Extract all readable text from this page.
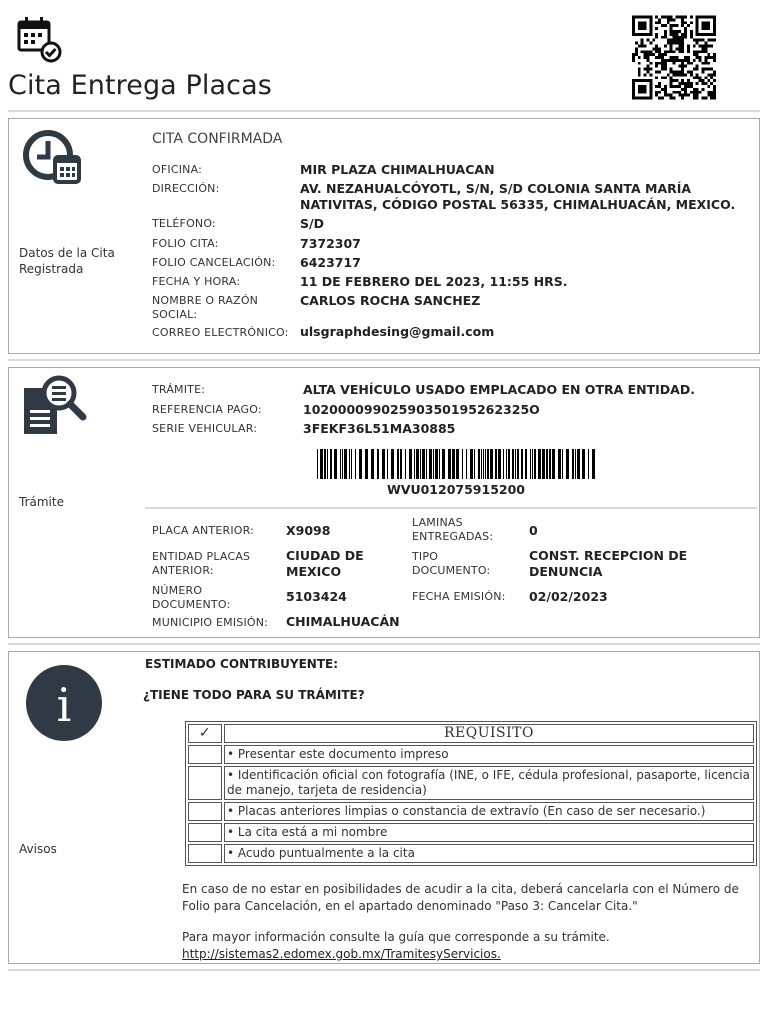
Cita Entrega Placas
Datos de la Cita Registrada
CITA CONFIRMADA
OFICINA:	MIR PLAZA CHIMALHUACAN
DIRECCIÓN:	AV. NEZAHUALCÓYOTL, S/N, S/D COLONIA SANTA MARÍA NATIVITAS, CÓDIGO POSTAL 56335, CHIMALHUACÁN, MEXICO.
TELÉFONO:	S/D
FOLIO CITA:	7372307
FOLIO CANCELACIÓN: 6423717
FECHA Y HORA:	11 DE FEBRERO DEL 2023, 11:55 HRS.
NOMBRE O RAZÓN SOCIAL:
CARLOS ROCHA SANCHEZ
CORREO ELECTRÓNICO: ulsgraphdesing@gmail.com
Trámite
TRÁMITE:	ALTA VEHÍCULO USADO EMPLACADO EN OTRA ENTIDAD.
REFERENCIA PAGO:	10200009902590350195262325O
SERIE VEHICULAR:	3FEKF36L51MA30885
WVU012075915200
PLACA ANTERIOR:	X9098
LAMINAS ENTREGADAS:	0
ENTIDAD PLACAS ANTERIOR:
CIUDAD DE MEXICO
TIPO DOCUMENTO:
CONST. RECEPCION DE DENUNCIA
NÚMERO DOCUMENTO:
5103424	FECHA EMISIÓN: 02/02/2023
MUNICIPIO EMISIÓN: CHIMALHUACÁN
i
Avisos
ESTIMADO CONTRIBUYENTE:
¿TIENE TODO PARA SU TRÁMITE?
✓	REQUISITO
	• Presentar este documento impreso
	• Identificación oficial con fotografía (INE, o IFE, cédula profesional, pasaporte, licencia de manejo, tarjeta de residencia)
	• Placas anteriores limpias o constancia de extravío (En caso de ser necesario.)
	• La cita está a mi nombre
	• Acudo puntualmente a la cita
En caso de no estar en posibilidades de acudir a la cita, deberá cancelarla con el Número de Folio para Cancelación, en el apartado denominado "Paso 3: Cancelar Cita."
Para mayor información consulte la guía que corresponde a su trámite.
http://sistemas2.edomex.gob.mx/TramitesyServicios.
